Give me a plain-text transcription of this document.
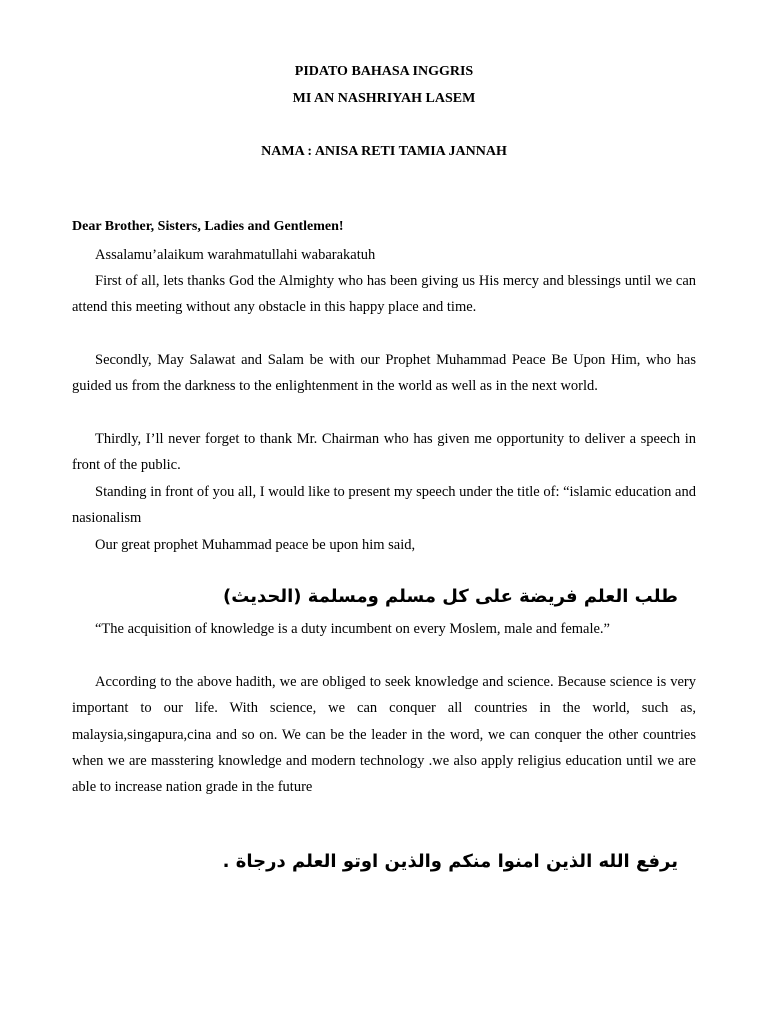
PIDATO BAHASA INGGRIS
MI AN NASHRIYAH LASEM
NAMA : ANISA RETI TAMIA JANNAH
Dear Brother, Sisters, Ladies and Gentlemen!

Assalamu’alaikum warahmatullahi wabarakatuh

First of all, lets thanks God the Almighty who has been giving us His mercy and blessings until we can attend this meeting without any obstacle in this happy place and time.

Secondly, May Salawat and Salam be with our Prophet Muhammad Peace Be Upon Him, who has guided us from the darkness to the enlightenment in the world as well as in the next world.

Thirdly, I’ll never forget to thank Mr. Chairman who has given me opportunity to deliver a speech in front of the public.

Standing in front of you all, I would like to present my speech under the title of: “islamic education and nasionalism

Our great prophet Muhammad peace be upon him said,

طلب العلم فريضة على كل مسلم ومسلمة (الحديث)

“The acquisition of knowledge is a duty incumbent on every Moslem, male and female.”

According to the above hadith, we are obliged to seek knowledge and science. Because science is very important to our life. With science, we can conquer all countries in the world, such as, malaysia,singapura,cina and so on. We can be the leader in the word, we can conquer the other countries when we are masstering knowledge and modern technology .we also apply religius education until we are able to increase nation grade in the future

يرفع الله الذين امنوا منكم والذين اوتو العلم درجاة .
